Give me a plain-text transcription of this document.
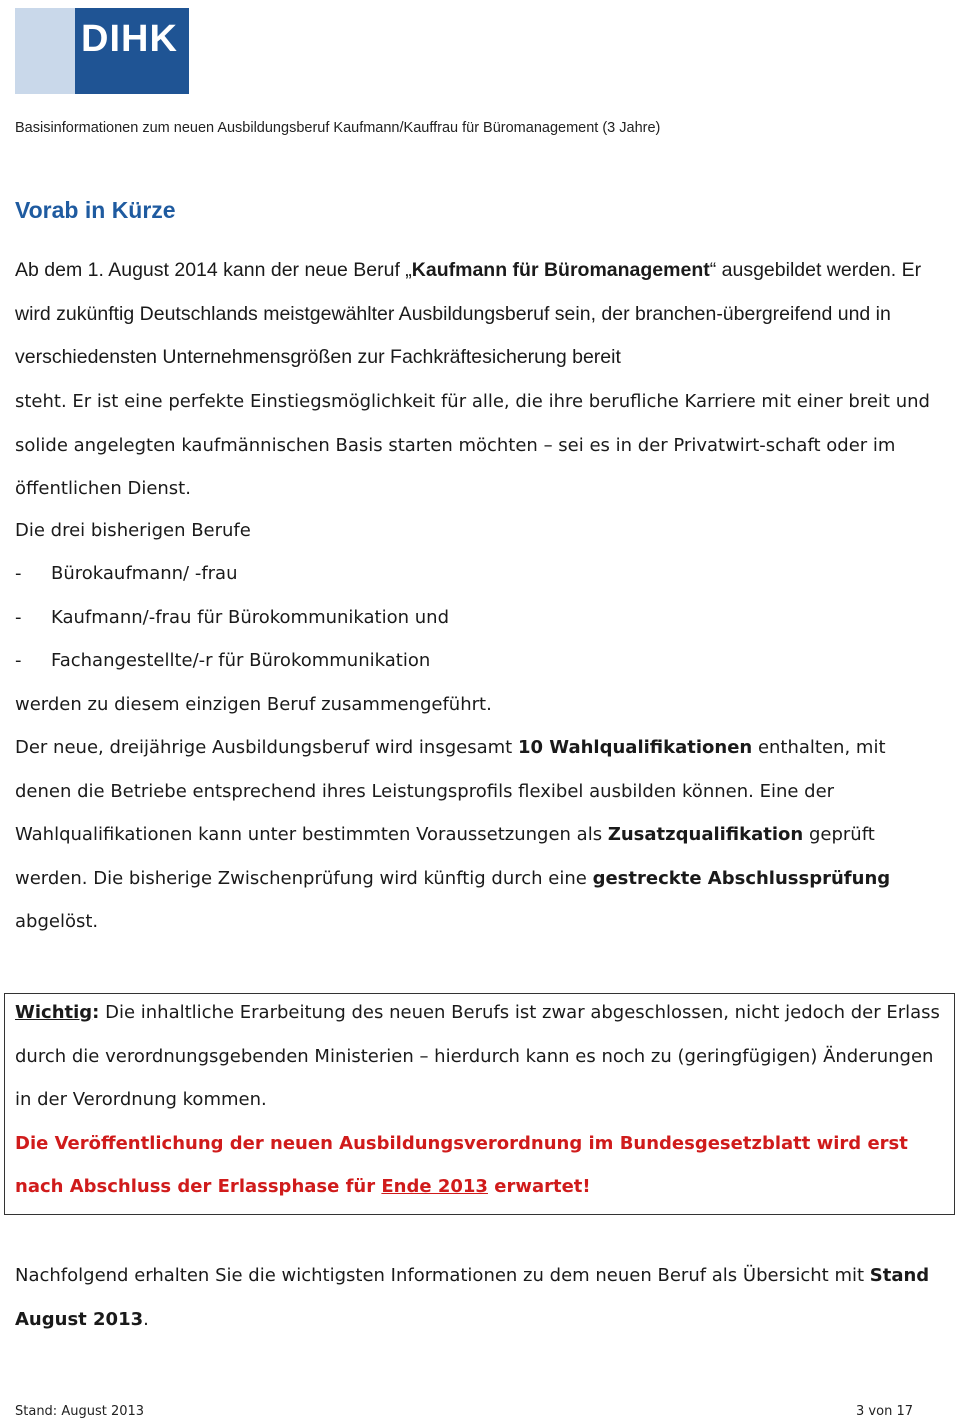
DIHK
Basisinformationen zum neuen Ausbildungsberuf Kaufmann/Kauffrau für Büromanagement (3 Jahre)
Vorab in Kürze

Ab dem 1. August 2014 kann der neue Beruf „Kaufmann für Büromanagement“ ausgebildet werden. Er wird zukünftig Deutschlands meistgewählter Ausbildungsberuf sein, der branchen-übergreifend und in verschiedensten Unternehmensgrößen zur Fachkräftesicherung bereit

steht. Er ist eine perfekte Einstiegsmöglichkeit für alle, die ihre berufliche Karriere mit einer breit und solide angelegten kaufmännischen Basis starten möchten – sei es in der Privatwirt-schaft oder im öffentlichen Dienst.

Die drei bisherigen Berufe

- Bürokaufmann/ -frau
- Kaufmann/-frau für Bürokommunikation und
- Fachangestellte/-r für Bürokommunikation

werden zu diesem einzigen Beruf zusammengeführt.

Der neue, dreijährige Ausbildungsberuf wird insgesamt 10 Wahlqualifikationen enthalten, mit denen die Betriebe entsprechend ihres Leistungsprofils flexibel ausbilden können. Eine der Wahlqualifikationen kann unter bestimmten Voraussetzungen als Zusatzqualifikation geprüft werden. Die bisherige Zwischenprüfung wird künftig durch eine gestreckte Abschlussprüfung abgelöst.

Wichtig: Die inhaltliche Erarbeitung des neuen Berufs ist zwar abgeschlossen, nicht jedoch der Erlass durch die verordnungsgebenden Ministerien – hierdurch kann es noch zu (geringfügigen) Änderungen in der Verordnung kommen.
Die Veröffentlichung der neuen Ausbildungsverordnung im Bundesgesetzblatt wird erst nach Abschluss der Erlassphase für Ende 2013 erwartet!

Nachfolgend erhalten Sie die wichtigsten Informationen zu dem neuen Beruf als Übersicht mit Stand August 2013.

Stand: August 2013	3 von 17
